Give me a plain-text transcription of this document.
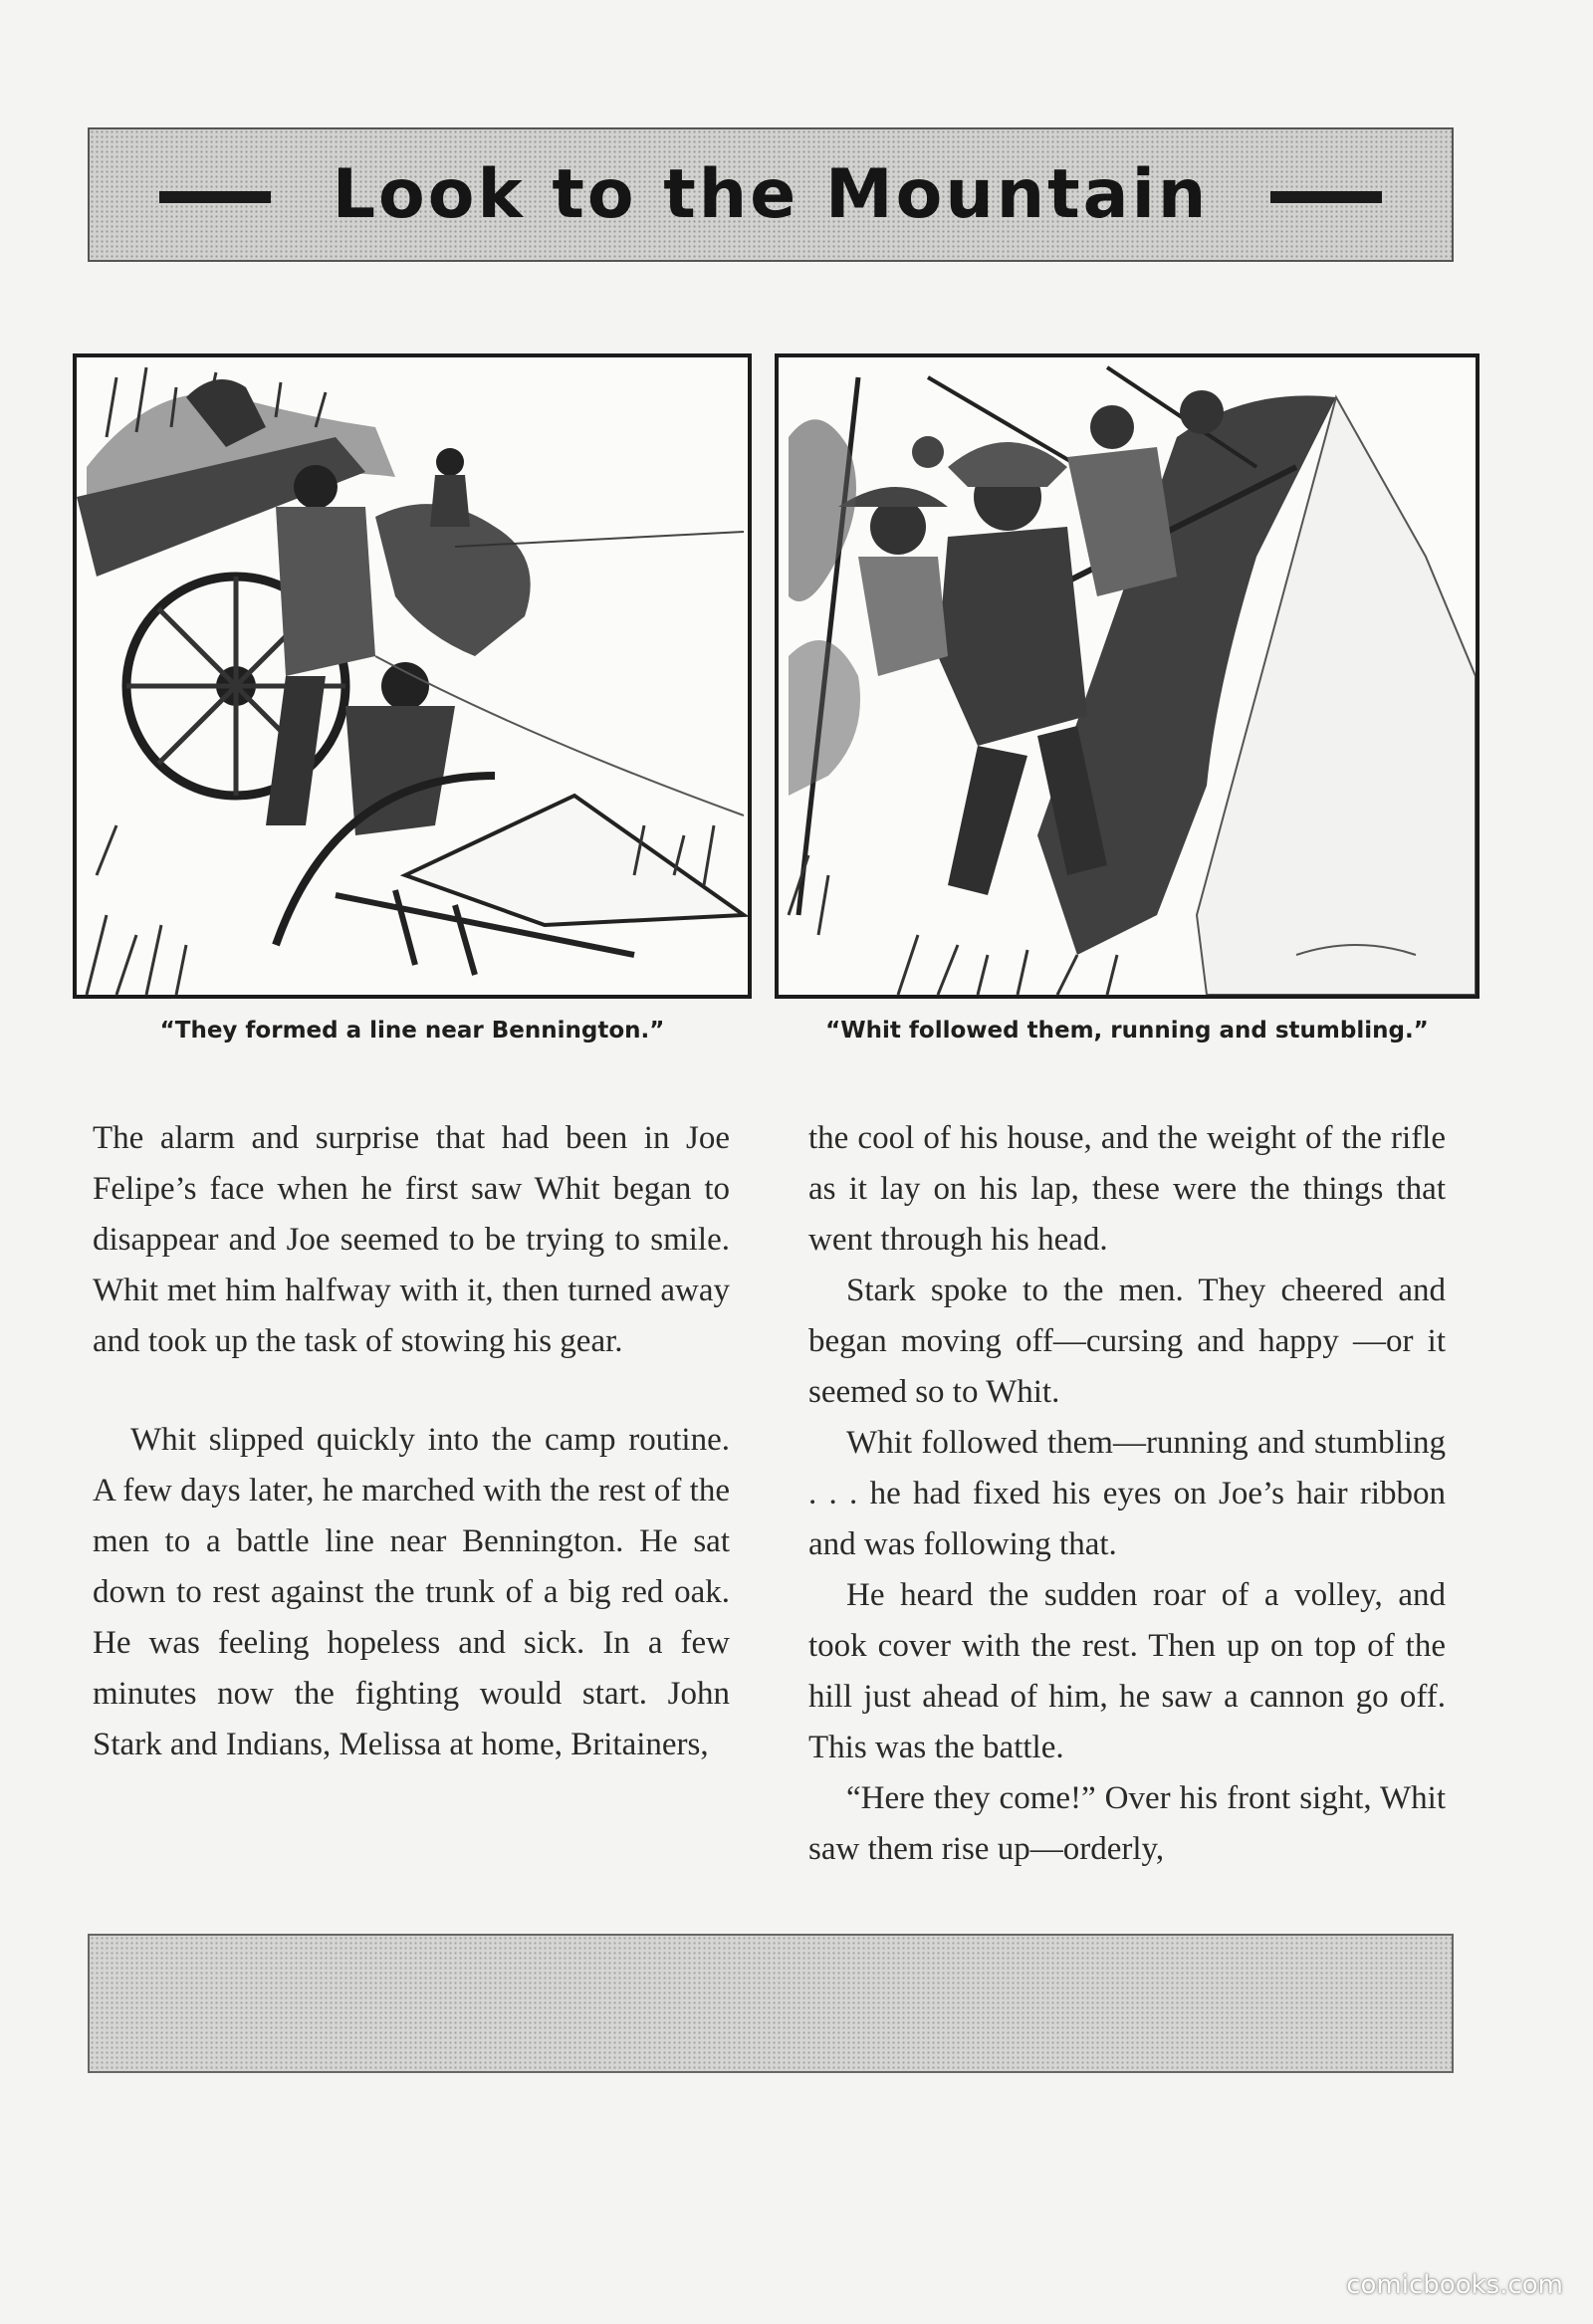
Look to the Mountain
“They formed a line near Bennington.”	“Whit followed them, running and stumbling.”

The alarm and surprise that had been in Joe Felipe’s face when he first saw Whit began to disappear and Joe seemed to be trying to smile. Whit met him halfway with it, then turned away and took up the task of stowing his gear.

Whit slipped quickly into the camp routine. A few days later, he marched with the rest of the men to a battle line near Bennington. He sat down to rest against the trunk of a big red oak. He was feeling hopeless and sick. In a few minutes now the fighting would start. John Stark and Indians, Melissa at home, Britainers,

the cool of his house, and the weight of the rifle as it lay on his lap, these were the things that went through his head.

Stark spoke to the men. They cheered and began moving off—cursing and happy —or it seemed so to Whit.

Whit followed them—running and stumbling . . . he had fixed his eyes on Joe’s hair ribbon and was following that.

He heard the sudden roar of a volley, and took cover with the rest. Then up on top of the hill just ahead of him, he saw a cannon go off. This was the battle.

“Here they come!” Over his front sight, Whit saw them rise up—orderly,

comicbooks.com
